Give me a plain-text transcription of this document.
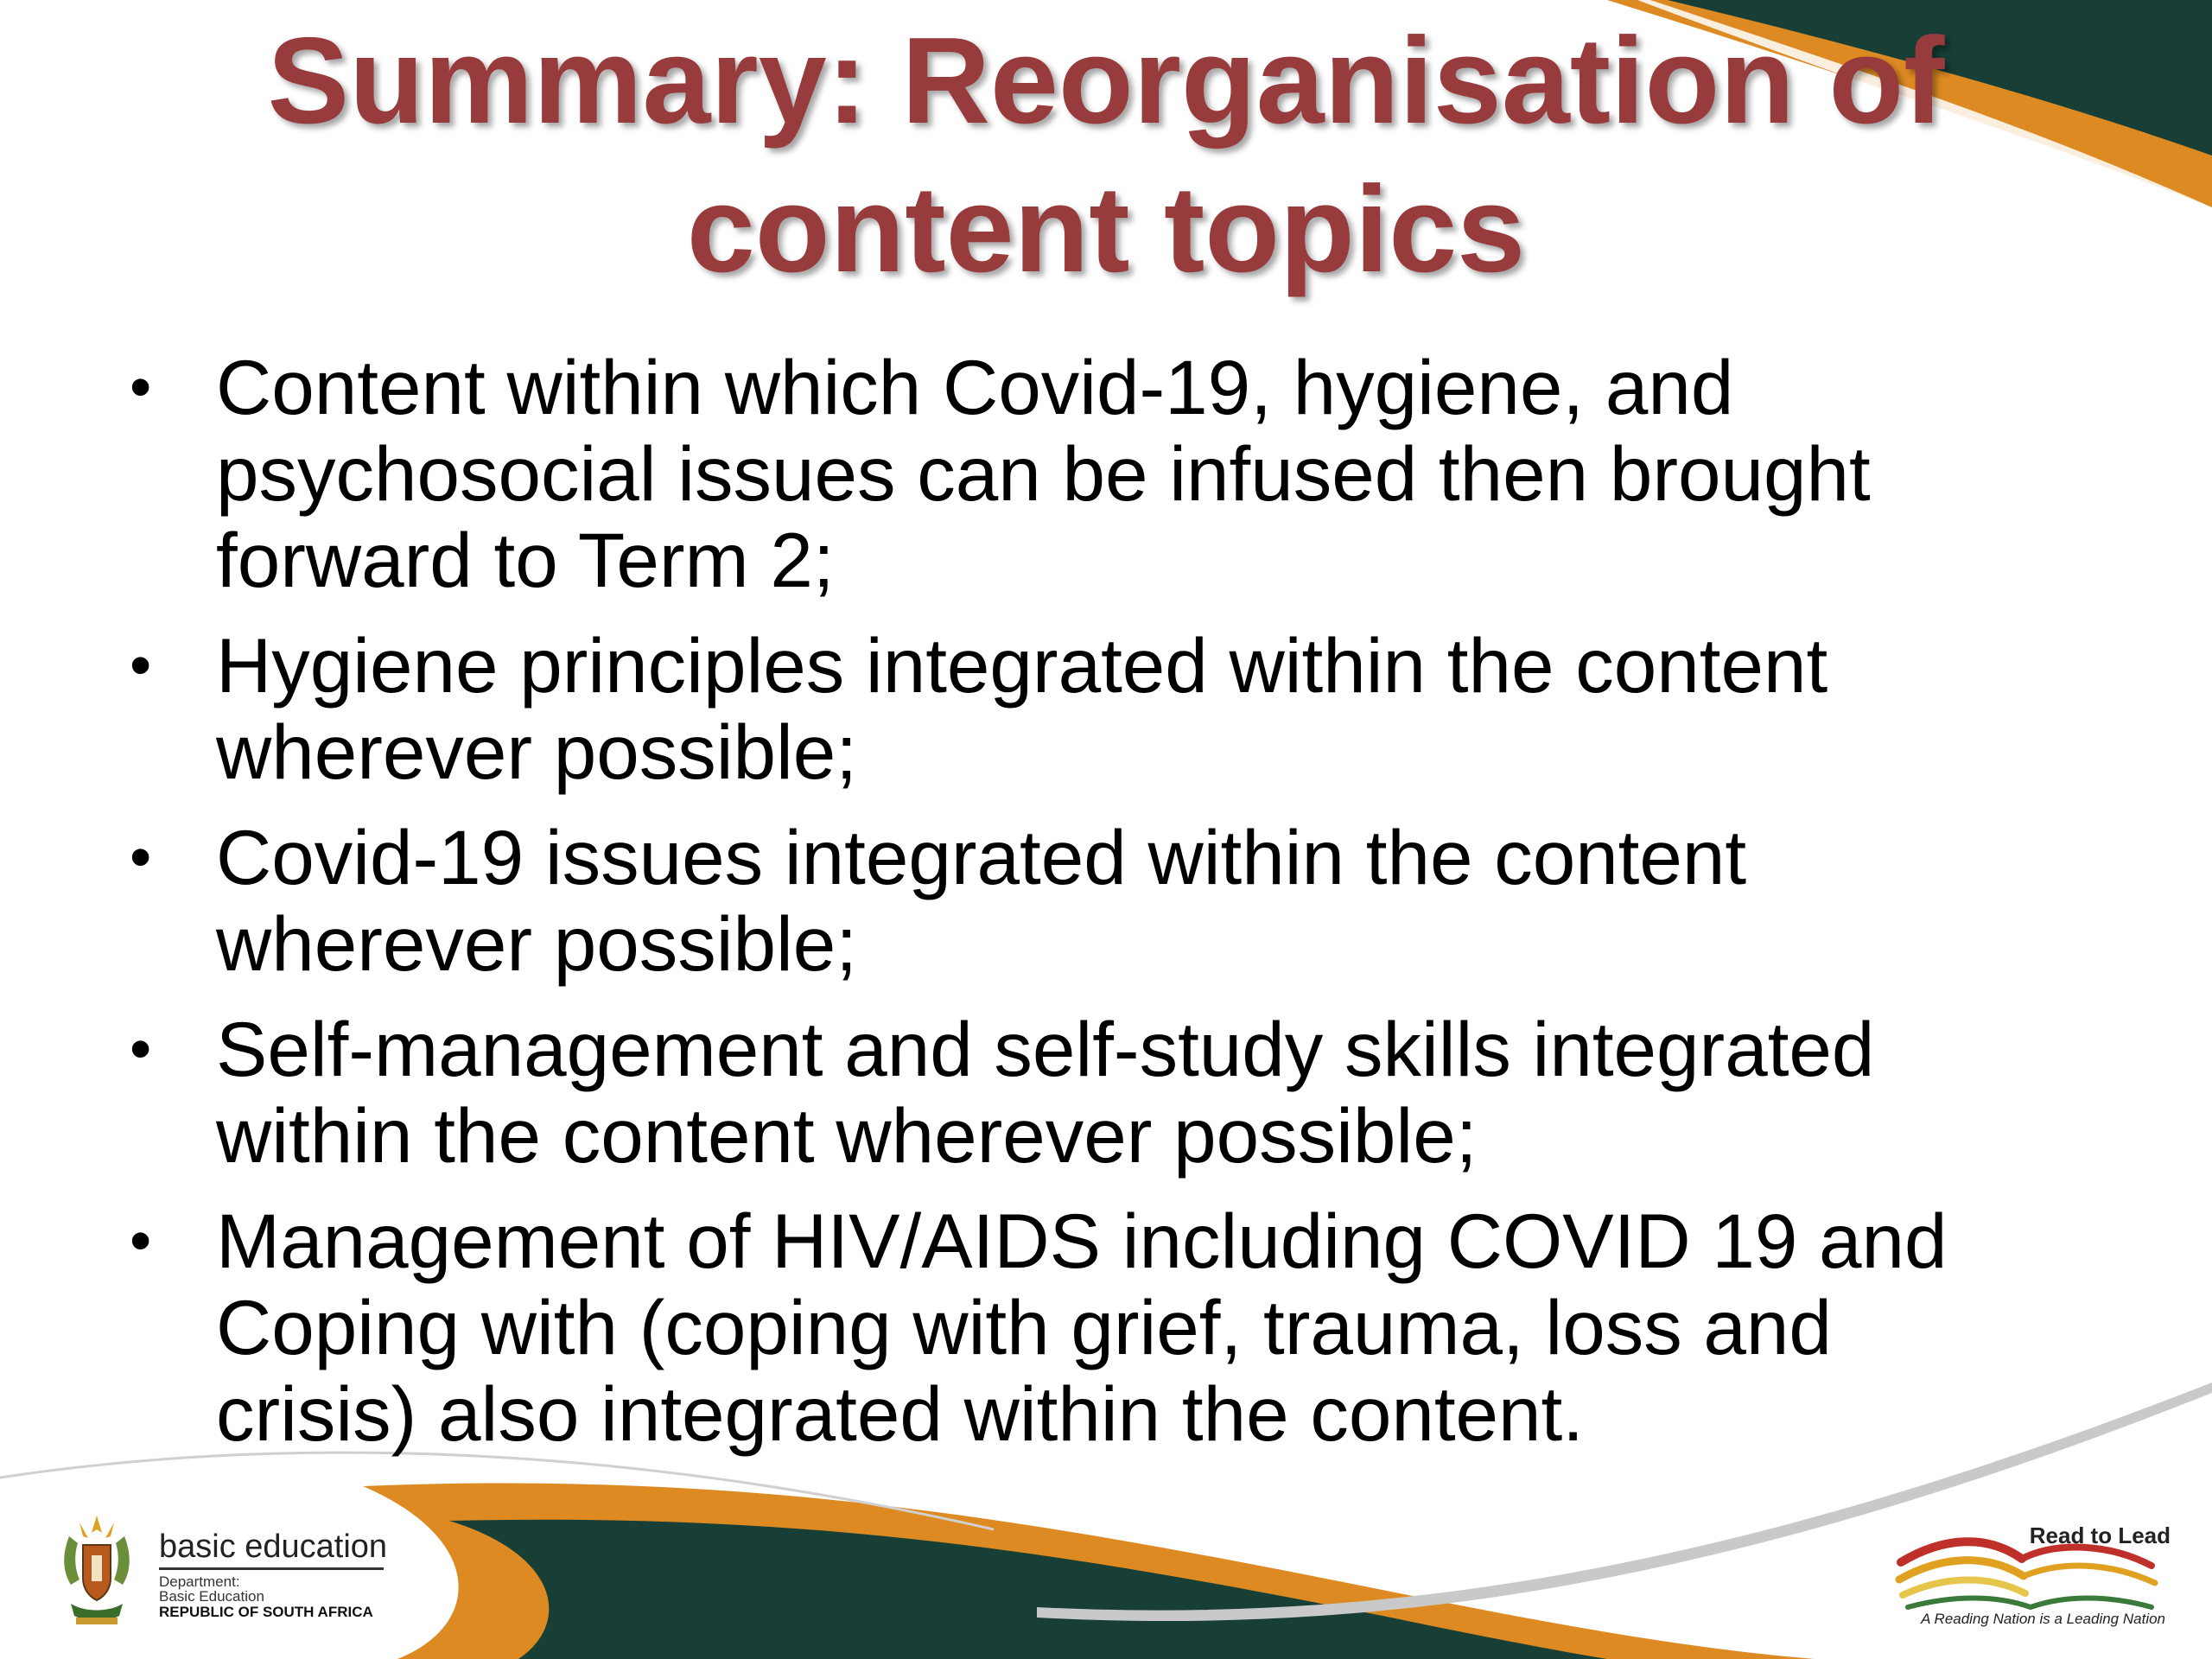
Summary: Reorganisation of
content topics
• Content within which Covid-19, hygiene, and
psychosocial issues can be infused then brought
forward to Term 2;
• Hygiene principles integrated within the content
wherever possible;
• Covid-19 issues integrated within the content
wherever possible;
• Self-management and self-study skills integrated
within the content wherever possible;
• Management of HIV/AIDS including COVID 19 and
Coping with (coping with grief, trauma, loss and
crisis) also integrated within the content.
basic education
Department:
Basic Education
REPUBLIC OF SOUTH AFRICA
Read to Lead
A Reading Nation is a Leading Nation
